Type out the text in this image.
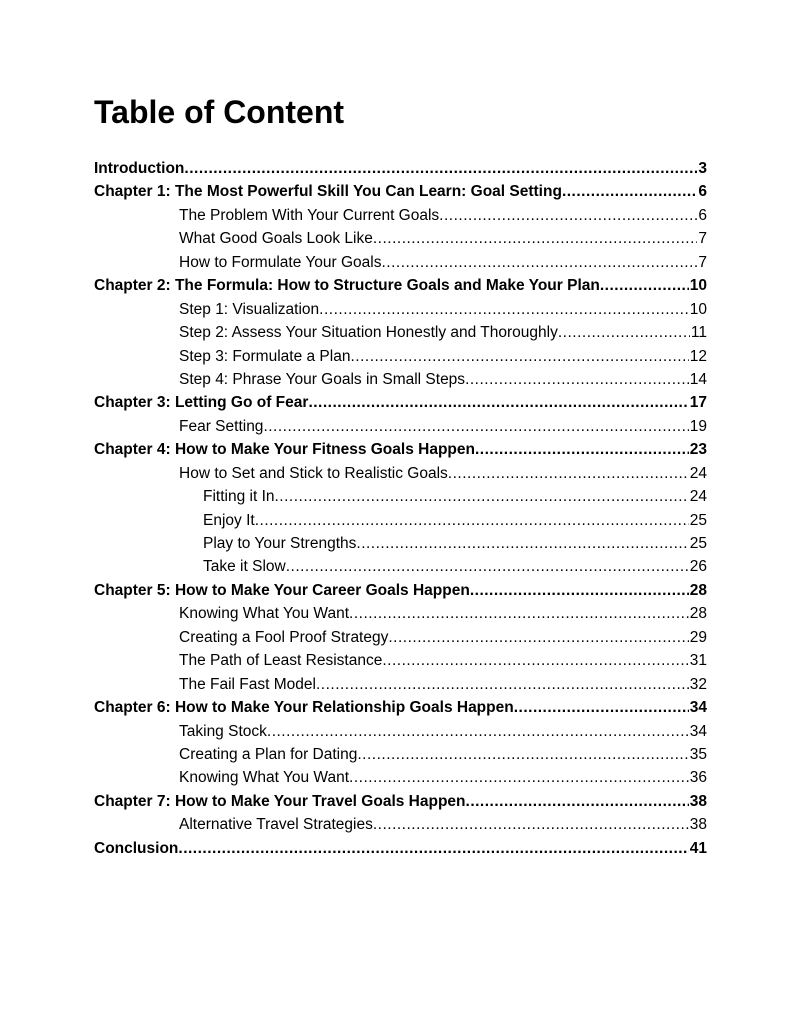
Table of Content
Introduction .....	3
Chapter 1: The Most Powerful Skill You Can Learn: Goal Setting .....	6
The Problem With Your Current Goals .....	6
What Good Goals Look Like .....	7
How to Formulate Your Goals .....	7
Chapter 2: The Formula: How to Structure Goals and Make Your Plan .....	10
Step 1: Visualization .....	10
Step 2: Assess Your Situation Honestly and Thoroughly .....	11
Step 3: Formulate a Plan .....	12
Step 4: Phrase Your Goals in Small Steps .....	14
Chapter 3: Letting Go of Fear .....	17
Fear Setting .....	19
Chapter 4: How to Make Your Fitness Goals Happen .....	23
How to Set and Stick to Realistic Goals .....	24
Fitting it In .....	24
Enjoy It .....	25
Play to Your Strengths .....	25
Take it Slow .....	26
Chapter 5: How to Make Your Career Goals Happen .....	28
Knowing What You Want .....	28
Creating a Fool Proof Strategy .....	29
The Path of Least Resistance .....	31
The Fail Fast Model .....	32
Chapter 6: How to Make Your Relationship Goals Happen .....	34
Taking Stock .....	34
Creating a Plan for Dating .....	35
Knowing What You Want .....	36
Chapter 7: How to Make Your Travel Goals Happen .....	38
Alternative Travel Strategies .....	38
Conclusion .....	41
